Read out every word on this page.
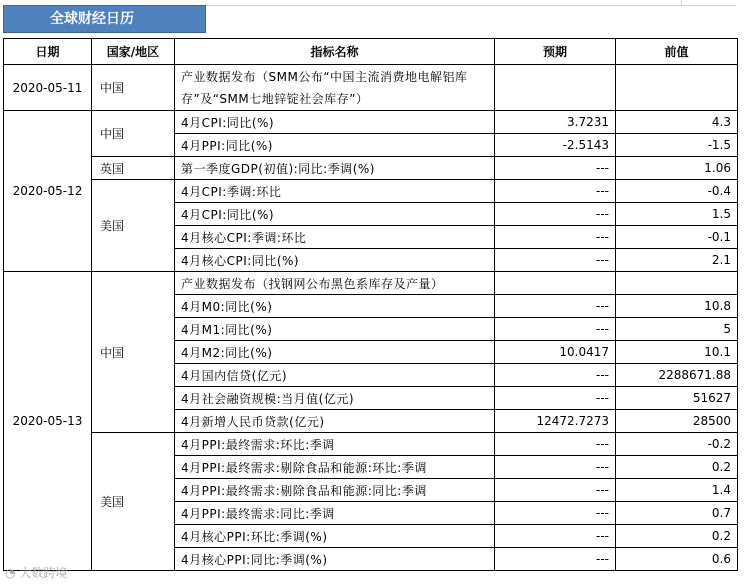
全球财经日历
日期	国家/地区	指标名称	预期	前值
2020-05-11	中国	产业数据发布（SMM公布“中国主流消费地电解铝库存”及“SMM七地锌锭社会库存”）		
2020-05-12	中国	4月CPI:同比(%)	3.7231	4.3
		4月PPI:同比(%)	-2.5143	-1.5
	英国	第一季度GDP(初值):同比:季调(%)	---	1.06
	美国	4月CPI:季调:环比	---	-0.4
		4月CPI:同比(%)	---	1.5
		4月核心CPI:季调:环比	---	-0.1
		4月核心CPI:同比(%)	---	2.1
2020-05-13	中国	产业数据发布（找钢网公布黑色系库存及产量）		
		4月M0:同比(%)	---	10.8
		4月M1:同比(%)	---	5
		4月M2:同比(%)	10.0417	10.1
		4月国内信贷(亿元)	---	2288671.88
		4月社会融资规模:当月值(亿元)	---	51627
		4月新增人民币贷款(亿元)	12472.7273	28500
	美国	4月PPI:最终需求:环比:季调	---	-0.2
		4月PPI:最终需求:剔除食品和能源:环比:季调	---	0.2
		4月PPI:最终需求:剔除食品和能源:同比:季调	---	1.4
		4月PPI:最终需求:同比:季调	---	0.7
		4月核心PPI:环比:季调(%)	---	0.2
		4月核心PPI:同比:季调(%)	---	0.6
◔ 大数跨境
